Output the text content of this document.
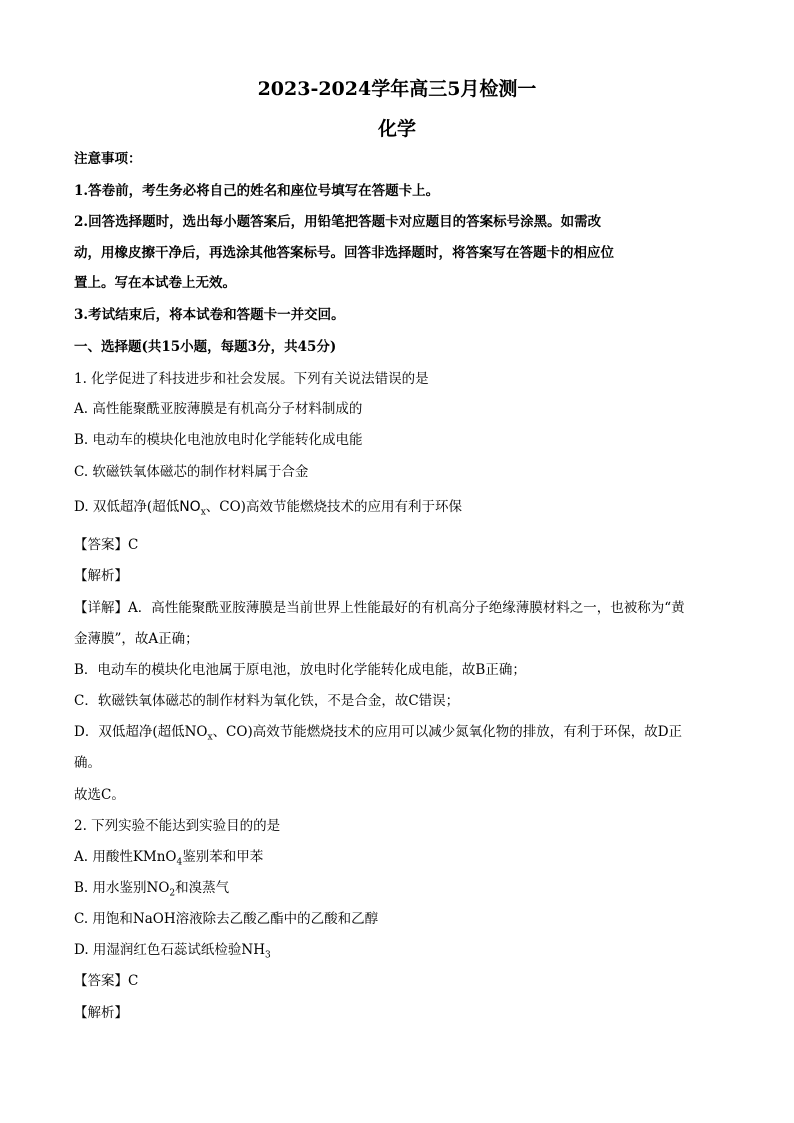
2023-2024学年高三5月检测一
化学
注意事项：
1.答卷前，考生务必将自己的姓名和座位号填写在答题卡上。
2.回答选择题时，选出每小题答案后，用铅笔把答题卡对应题目的答案标号涂黑。如需改
动，用橡皮擦干净后，再选涂其他答案标号。回答非选择题时，将答案写在答题卡的相应位
置上。写在本试卷上无效。
3.考试结束后，将本试卷和答题卡一并交回。
一、选择题(共15小题，每题3分，共45分)
1. 化学促进了科技进步和社会发展。下列有关说法错误的是
A. 高性能聚酰亚胺薄膜是有机高分子材料制成的
B. 电动车的模块化电池放电时化学能转化成电能
C. 软磁铁氧体磁芯的制作材料属于合金
D. 双低超净(超低$NO_x$、CO)高效节能燃烧技术的应用有利于环保
【答案】C
【解析】
【详解】A．高性能聚酰亚胺薄膜是当前世界上性能最好的有机高分子绝缘薄膜材料之一，也被称为“黄
金薄膜”，故A正确；
B．电动车的模块化电池属于原电池，放电时化学能转化成电能，故B正确；
C．软磁铁氧体磁芯的制作材料为氧化铁，不是合金，故C错误；
D．双低超净(超低$NO_x$、CO)高效节能燃烧技术的应用可以减少氮氧化物的排放，有利于环保，故D正
确。
故选C。
2. 下列实验不能达到实验目的的是
A. 用酸性KMnO$_4$鉴别苯和甲苯
B. 用水鉴别$NO_2$和溴蒸气
C. 用饱和NaOH溶液除去乙酸乙酯中的乙酸和乙醇
D. 用湿润红色石蕊试纸检验$NH_3$
【答案】C
【解析】
